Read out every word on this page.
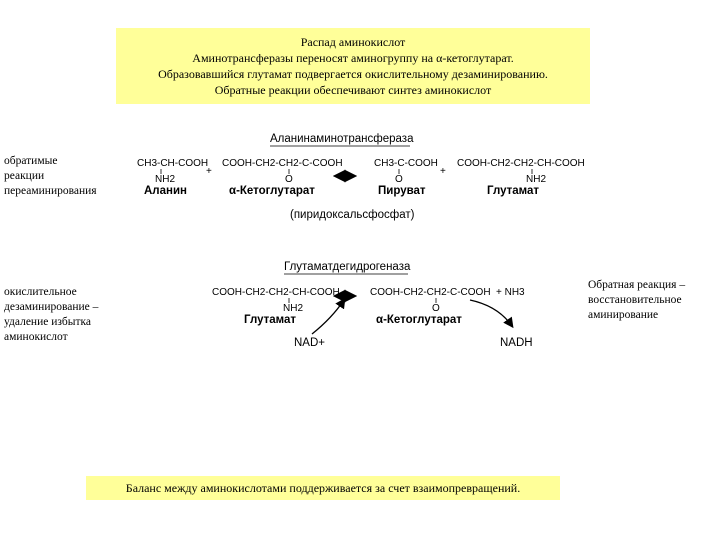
Распад аминокислот
Аминотрансферазы переносят аминогруппу на α-кетоглутарат.
Образовавшийся глутамат подвергается окислительному дезаминированию.
Обратные реакции обеспечивают синтез аминокислот
обратимые
реакции
переаминирования
окислительное
дезаминирование –
удаление избытка
аминокислот
Обратная реакция –
восстановительное
аминирование
Аланинаминотрансфераза
CH3-CH-COOH
NH2
Аланин
+
COOH-CH2-CH2-C-COOH
O
α-Кетоглутарат
CH3-C-COOH
O
Пируват
+
COOH-CH2-CH2-CH-COOH
NH2
Глутамат
(пиридоксальсфосфат)
Глутаматдегидрогеназа
COOH-CH2-CH2-CH-COOH
NH2
Глутамат
COOH-CH2-CH2-C-COOH
O
α-Кетоглутарат
+ NH3
NAD+	NADH
Баланс между аминокислотами поддерживается за счет взаимопревращений.
